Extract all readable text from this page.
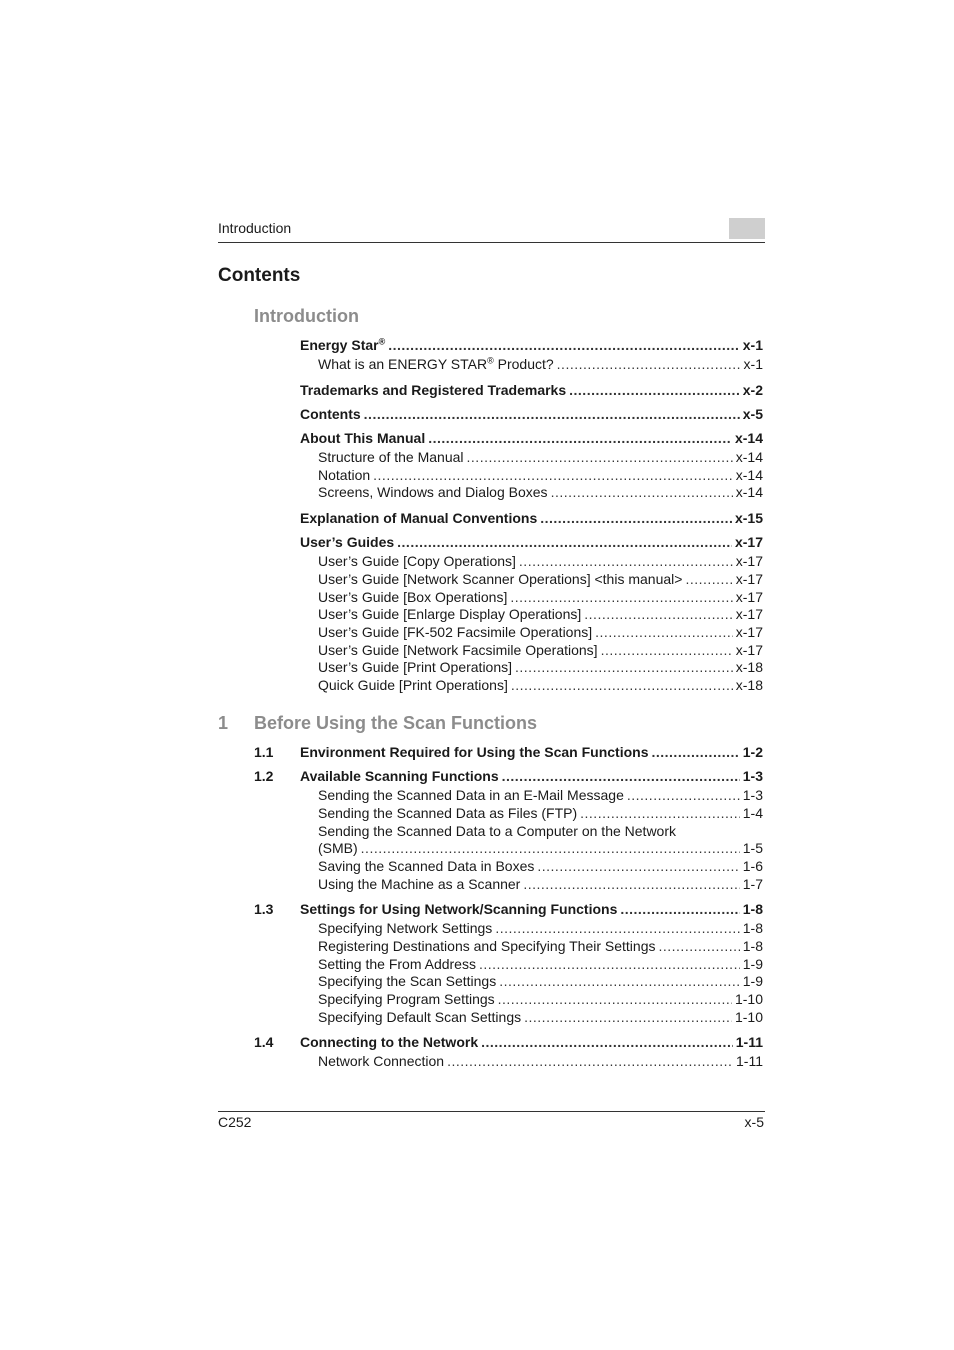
Introduction
Contents
Introduction
Energy Star® .....	x-1
What is an ENERGY STAR® Product? .....	x-1
Trademarks and Registered Trademarks .....	x-2
Contents .....	x-5
About This Manual .....	x-14
Structure of the Manual .....	x-14
Notation .....	x-14
Screens, Windows and Dialog Boxes .....	x-14
Explanation of Manual Conventions .....	x-15
User’s Guides .....	x-17
User’s Guide [Copy Operations] .....	x-17
User’s Guide [Network Scanner Operations] <this manual> .....	x-17
User’s Guide [Box Operations] .....	x-17
User’s Guide [Enlarge Display Operations] .....	x-17
User’s Guide [FK-502 Facsimile Operations] .....	x-17
User’s Guide [Network Facsimile Operations] .....	x-17
User’s Guide [Print Operations] .....	x-18
Quick Guide [Print Operations] .....	x-18
1 Before Using the Scan Functions
1.1 Environment Required for Using the Scan Functions .....	1-2
1.2 Available Scanning Functions .....	1-3
Sending the Scanned Data in an E-Mail Message .....	1-3
Sending the Scanned Data as Files (FTP) .....	1-4
Sending the Scanned Data to a Computer on the Network
(SMB) .....	1-5
Saving the Scanned Data in Boxes .....	1-6
Using the Machine as a Scanner .....	1-7
1.3 Settings for Using Network/Scanning Functions .....	1-8
Specifying Network Settings .....	1-8
Registering Destinations and Specifying Their Settings .....	1-8
Setting the From Address .....	1-9
Specifying the Scan Settings .....	1-9
Specifying Program Settings .....	1-10
Specifying Default Scan Settings .....	1-10
1.4 Connecting to the Network .....	1-11
Network Connection .....	1-11
C252	x-5
